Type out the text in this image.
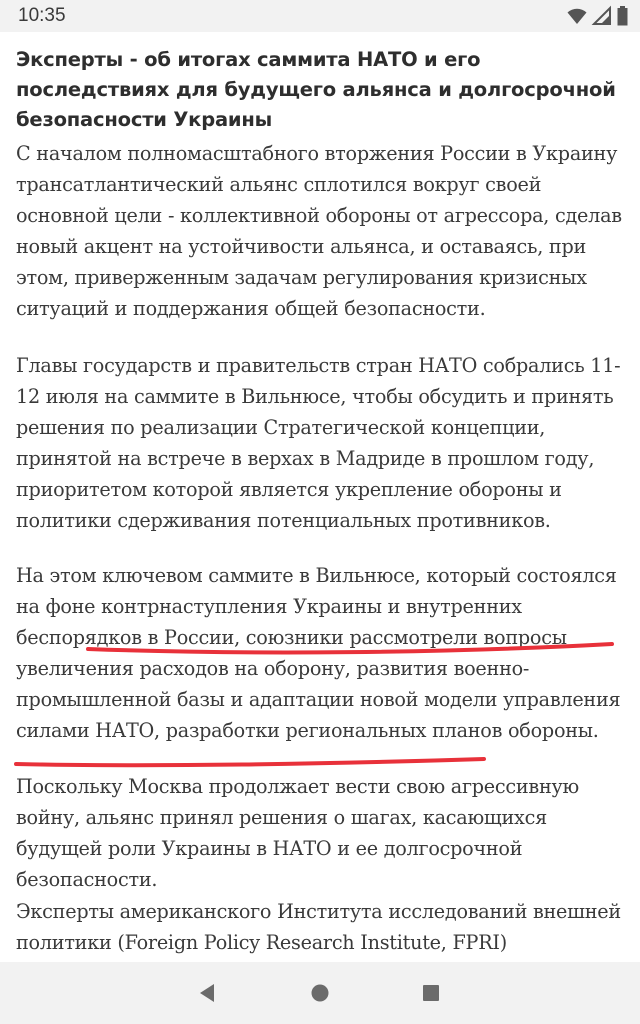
10:35
Эксперты - об итогах саммита НАТО и его последствиях для будущего альянса и долгосрочной безопасности Украины

С началом полномасштабного вторжения России в Украину трансатлантический альянс сплотился вокруг своей основной цели - коллективной обороны от агрессора, сделав новый акцент на устойчивости альянса, и оставаясь, при этом, приверженным задачам регулирования кризисных ситуаций и поддержания общей безопасности.

Главы государств и правительств стран НАТО собрались 11-12 июля на саммите в Вильнюсе, чтобы обсудить и принять решения по реализации Стратегической концепции, принятой на встрече в верхах в Мадриде в прошлом году, приоритетом которой является укрепление обороны и политики сдерживания потенциальных противников.

На этом ключевом саммите в Вильнюсе, который состоялся на фоне контрнаступления Украины и внутренних беспорядков в России, союзники рассмотрели вопросы увеличения расходов на оборону, развития военно-промышленной базы и адаптации новой модели управления силами НАТО, разработки региональных планов обороны.

Поскольку Москва продолжает вести свою агрессивную войну, альянс принял решения о шагах, касающихся будущей роли Украины в НАТО и ее долгосрочной безопасности.

Эксперты американского Института исследований внешней политики (Foreign Policy Research Institute, FPRI)
